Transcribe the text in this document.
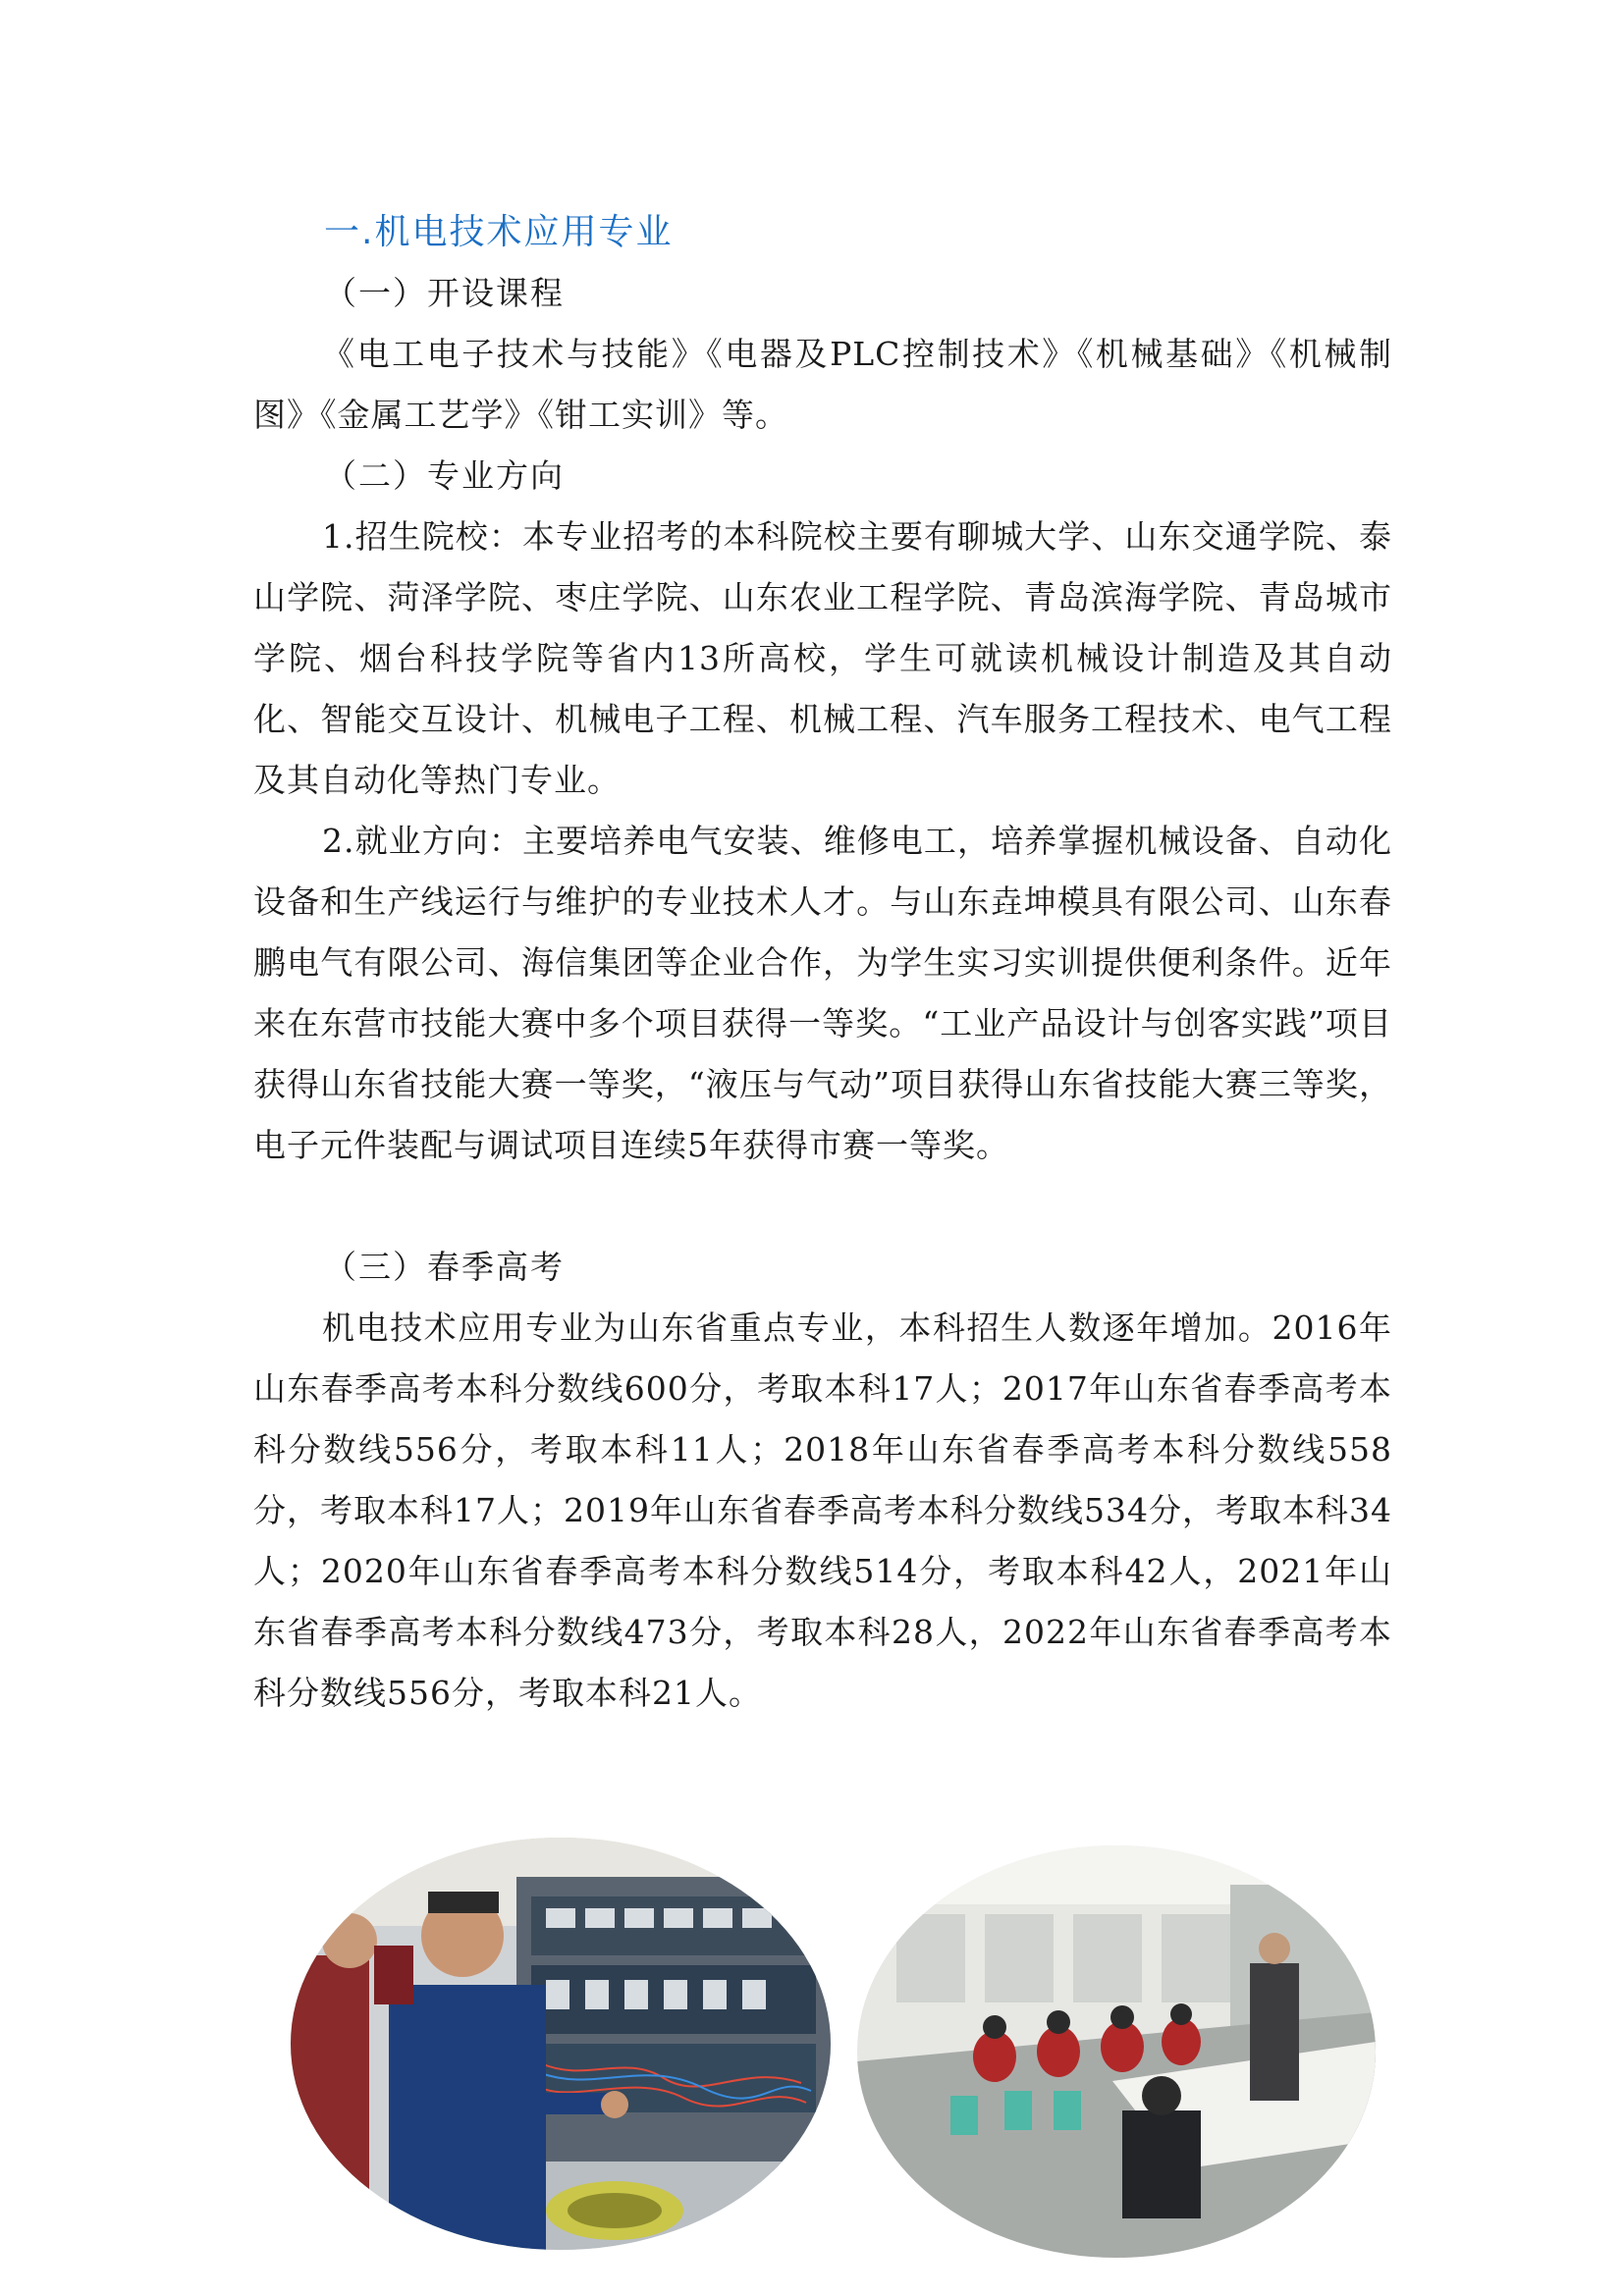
一.机电技术应用专业
（一）开设课程

《电工电子技术与技能》《电器及PLC控制技术》《机械基础》《机械制图》《金属工艺学》《钳工实训》等。

（二）专业方向

1.招生院校：本专业招考的本科院校主要有聊城大学、山东交通学院、泰山学院、菏泽学院、枣庄学院、山东农业工程学院、青岛滨海学院、青岛城市学院、烟台科技学院等省内13所高校，学生可就读机械设计制造及其自动化、智能交互设计、机械电子工程、机械工程、汽车服务工程技术、电气工程及其自动化等热门专业。

2.就业方向：主要培养电气安装、维修电工，培养掌握机械设备、自动化设备和生产线运行与维护的专业技术人才。与山东垚坤模具有限公司、山东春鹏电气有限公司、海信集团等企业合作，为学生实习实训提供便利条件。近年来在东营市技能大赛中多个项目获得一等奖。“工业产品设计与创客实践”项目获得山东省技能大赛一等奖，“液压与气动”项目获得山东省技能大赛三等奖，电子元件装配与调试项目连续5年获得市赛一等奖。

（三）春季高考

机电技术应用专业为山东省重点专业，本科招生人数逐年增加。2016年山东春季高考本科分数线600分，考取本科17人；2017年山东省春季高考本科分数线556分，考取本科11人；2018年山东省春季高考本科分数线558分，考取本科17人；2019年山东省春季高考本科分数线534分，考取本科34人；2020年山东省春季高考本科分数线514分，考取本科42人，2021年山东省春季高考本科分数线473分，考取本科28人，2022年山东省春季高考本科分数线556分，考取本科21人。
